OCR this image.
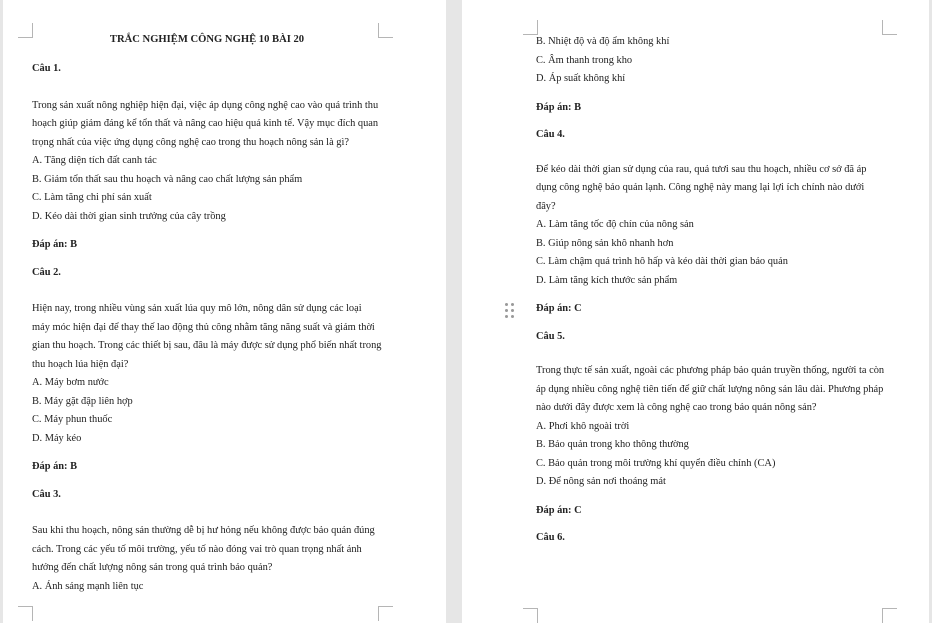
TRẮC NGHIỆM CÔNG NGHỆ 10 BÀI 20

Câu 1.

Trong sản xuất nông nghiệp hiện đại, việc áp dụng công nghệ cao vào quá trình thu hoạch giúp giảm đáng kể tổn thất và nâng cao hiệu quả kinh tế. Vậy mục đích quan trọng nhất của việc ứng dụng công nghệ cao trong thu hoạch nông sản là gì?

A. Tăng diện tích đất canh tác

B. Giảm tổn thất sau thu hoạch và nâng cao chất lượng sản phẩm

C. Làm tăng chi phí sản xuất

D. Kéo dài thời gian sinh trưởng của cây trồng

Đáp án: B

Câu 2.

Hiện nay, trong nhiều vùng sản xuất lúa quy mô lớn, nông dân sử dụng các loại máy móc hiện đại để thay thế lao động thủ công nhằm tăng năng suất và giảm thời gian thu hoạch. Trong các thiết bị sau, đâu là máy được sử dụng phổ biến nhất trong thu hoạch lúa hiện đại?

A. Máy bơm nước

B. Máy gặt đập liên hợp

C. Máy phun thuốc

D. Máy kéo

Đáp án: B

Câu 3.

Sau khi thu hoạch, nông sản thường dễ bị hư hỏng nếu không được bảo quản đúng cách. Trong các yếu tố môi trường, yếu tố nào đóng vai trò quan trọng nhất ảnh hưởng đến chất lượng nông sản trong quá trình bảo quản?

A. Ánh sáng mạnh liên tục

B. Nhiệt độ và độ ẩm không khí

C. Âm thanh trong kho

D. Áp suất không khí

Đáp án: B

Câu 4.

Để kéo dài thời gian sử dụng của rau, quả tươi sau thu hoạch, nhiều cơ sở đã áp dụng công nghệ bảo quản lạnh. Công nghệ này mang lại lợi ích chính nào dưới đây?

A. Làm tăng tốc độ chín của nông sản

B. Giúp nông sản khô nhanh hơn

C. Làm chậm quá trình hô hấp và kéo dài thời gian bảo quản

D. Làm tăng kích thước sản phẩm

Đáp án: C

Câu 5.

Trong thực tế sản xuất, ngoài các phương pháp bảo quản truyền thống, người ta còn áp dụng nhiều công nghệ tiên tiến để giữ chất lượng nông sản lâu dài. Phương pháp nào dưới đây được xem là công nghệ cao trong bảo quản nông sản?

A. Phơi khô ngoài trời

B. Bảo quản trong kho thông thường

C. Bảo quản trong môi trường khí quyển điều chỉnh (CA)

D. Để nông sản nơi thoáng mát

Đáp án: C

Câu 6.
